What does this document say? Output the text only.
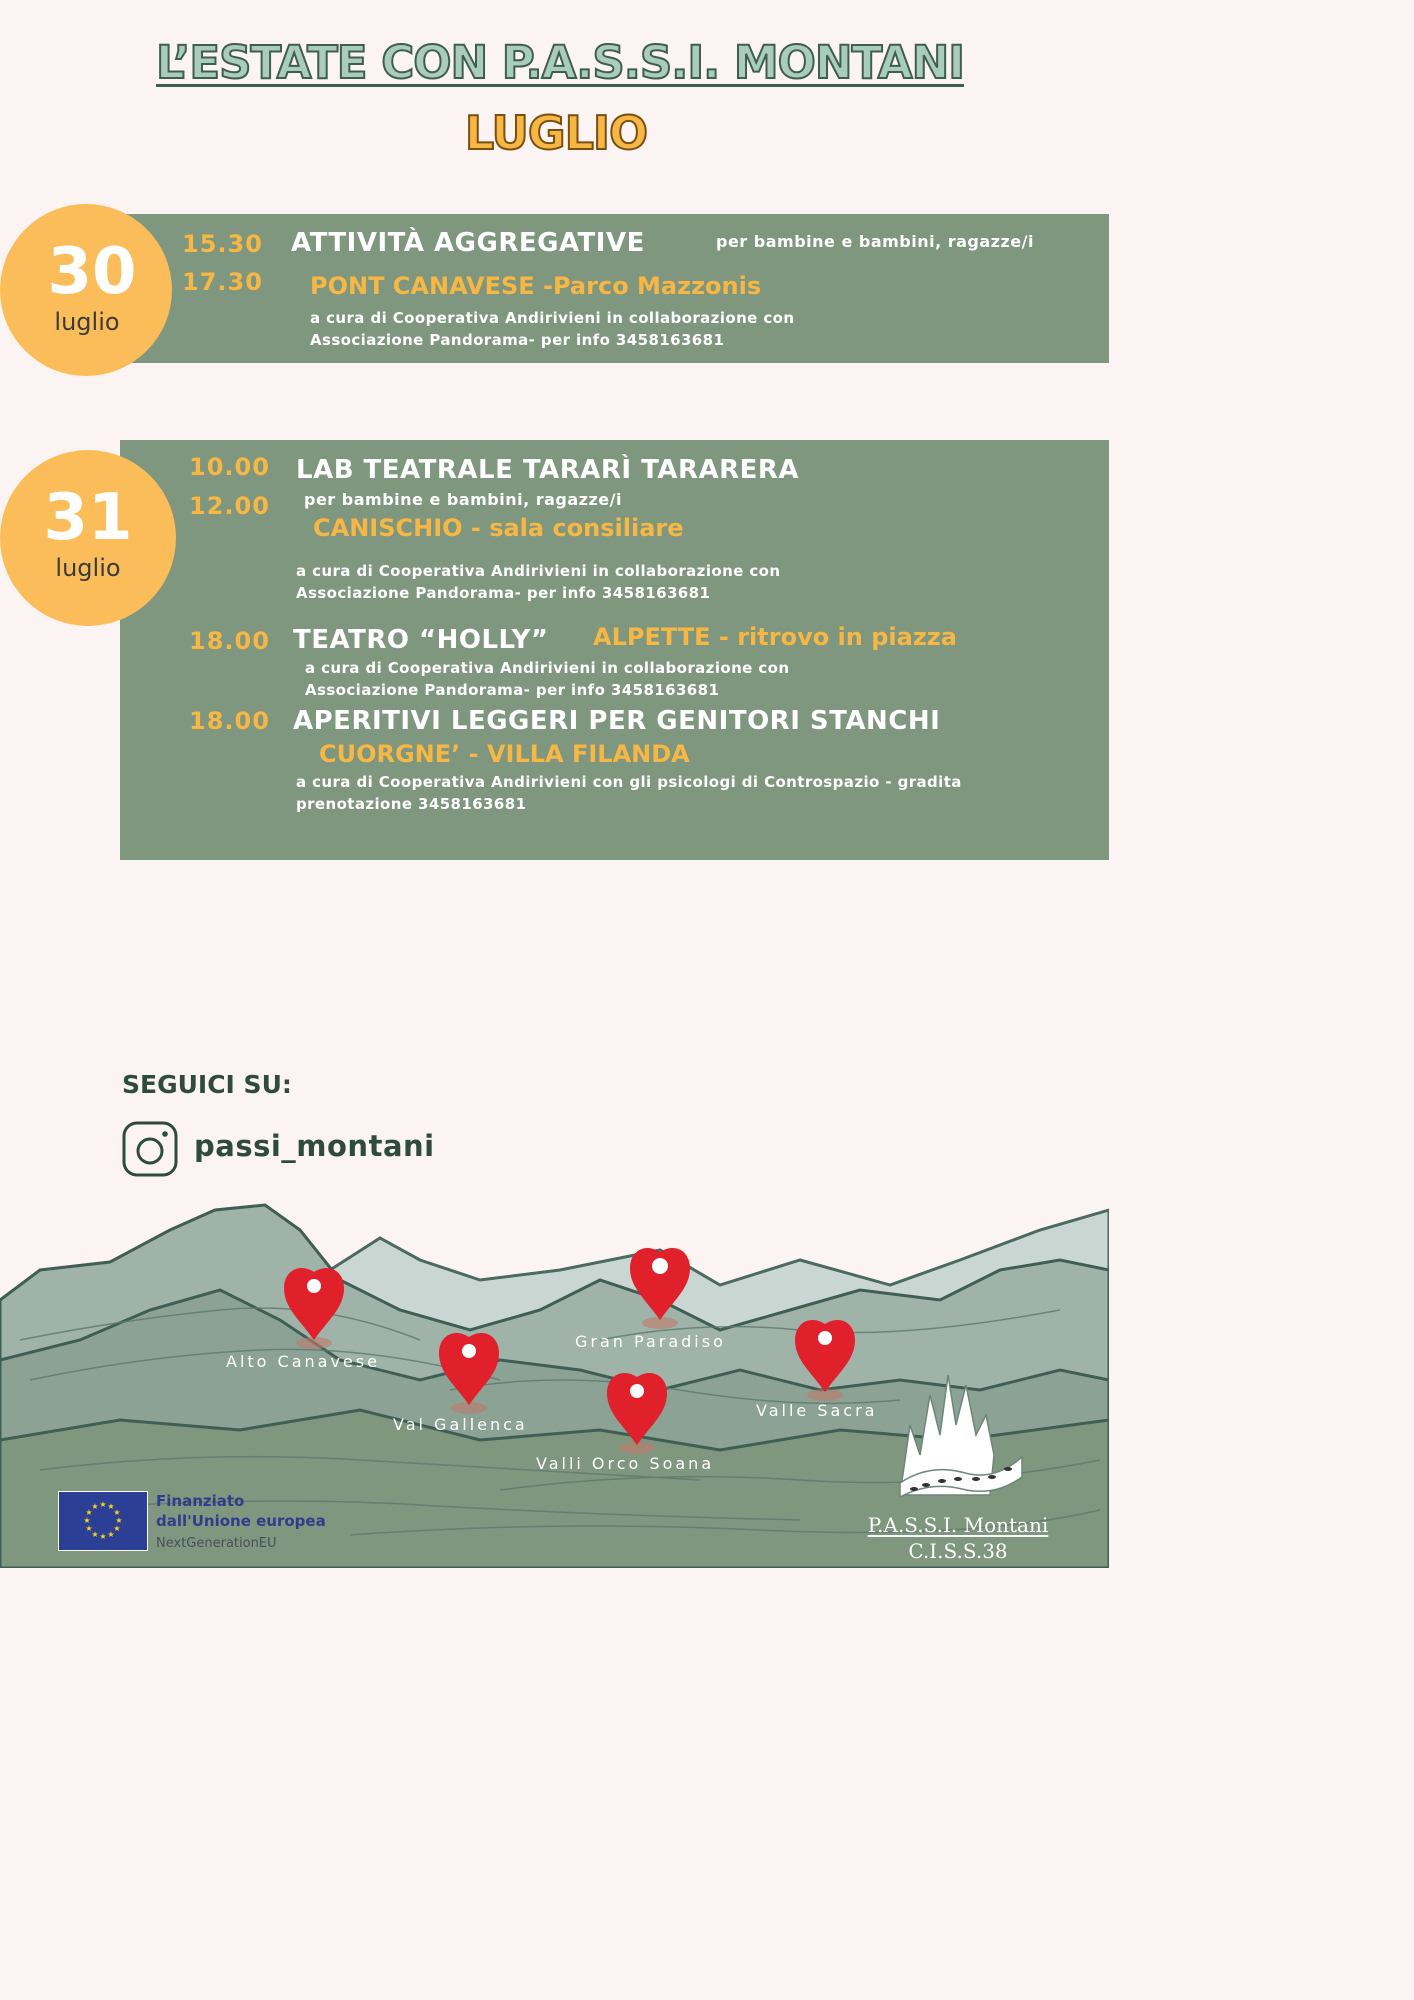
L’ESTATE CON P.A.S.S.I. MONTANI
LUGLIO
30
luglio
15.30
17.30
ATTIVITÀ AGGREGATIVE	per bambine e bambini, ragazze/i
PONT CANAVESE -Parco Mazzonis
a cura di Cooperativa Andirivieni in collaborazione con
Associazione Pandorama- per info 3458163681
31
luglio
10.00
12.00
LAB TEATRALE TARARÌ TARARERA
per bambine e bambini, ragazze/i
CANISCHIO - sala consiliare
a cura di Cooperativa Andirivieni in collaborazione con
Associazione Pandorama- per info 3458163681
18.00 TEATRO “HOLLY” ALPETTE - ritrovo in piazza
a cura di Cooperativa Andirivieni in collaborazione con
Associazione Pandorama- per info 3458163681
18.00 APERITIVI LEGGERI PER GENITORI STANCHI
CUORGNE’ - VILLA FILANDA
a cura di Cooperativa Andirivieni con gli psicologi di Controspazio - gradita
prenotazione 3458163681
SEGUICI SU:
passi_montani
Alto Canavese
Gran Paradiso
Val Gallenca
Valle Sacra
Valli Orco Soana
★ ★
★
★
★
★
★
★
★
★
★
★	Finanziato
dall'Unione europea
NextGenerationEU
P.A.S.S.I. Montani
C.I.S.S.38
